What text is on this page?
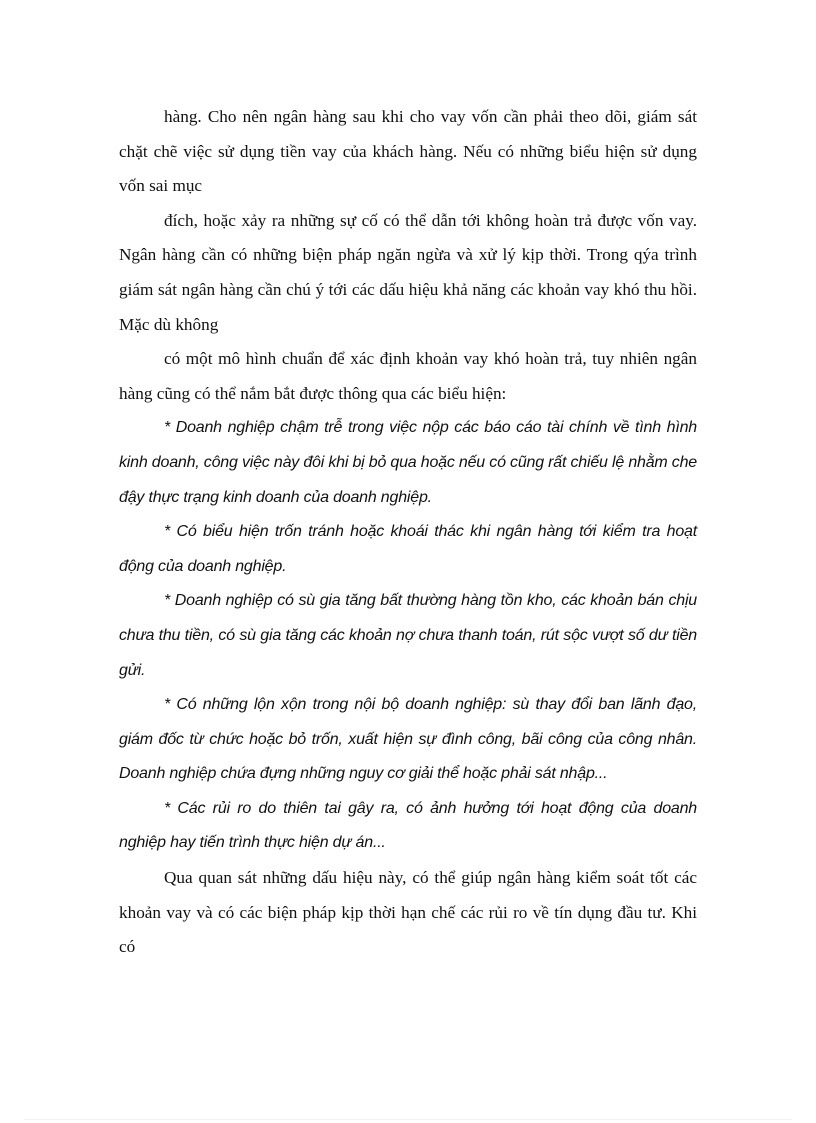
hàng. Cho nên ngân hàng sau khi cho vay vốn cần phải theo dõi, giám sát chặt chẽ việc sử dụng tiền vay của khách hàng. Nếu có những biểu hiện sử dụng vốn sai mục

đích, hoặc xảy ra những sự cố có thể dẫn tới không hoàn trả được vốn vay. Ngân hàng cần có những biện pháp ngăn ngừa và xử lý kịp thời. Trong qýa trình giám sát ngân hàng cần chú ý tới các dấu hiệu khả năng các khoản vay khó thu hồi. Mặc dù không

có một mô hình chuẩn để xác định khoản vay khó hoàn trả, tuy nhiên ngân hàng cũng có thể nắm bắt được thông qua các biểu hiện:

* Doanh nghiệp chậm trễ trong việc nộp các báo cáo tài chính về tình hình kinh doanh, công việc này đôi khi bị bỏ qua hoặc nếu có cũng rất chiếu lệ nhằm che đậy thực trạng kinh doanh của doanh nghiệp.

* Có biểu hiện trốn tránh hoặc khoái thác khi ngân hàng tới kiểm tra hoạt động của doanh nghiệp.

* Doanh nghiệp có sù gia tăng bất thường hàng tồn kho, các khoản bán chịu chưa thu tiền, có sù gia tăng các khoản nợ chưa thanh toán, rút sộc vượt số dư tiền gửi.

* Có những lộn xộn trong nội bộ doanh nghiệp: sù thay đổi ban lãnh đạo, giám đốc từ chức hoặc bỏ trốn, xuất hiện sự đình công, bãi công của công nhân. Doanh nghiệp chứa đựng những nguy cơ giải thể hoặc phải sát nhập...

* Các rủi ro do thiên tai gây ra, có ảnh hưởng tới hoạt động của doanh nghiệp hay tiến trình thực hiện dự án...

Qua quan sát những dấu hiệu này, có thể giúp ngân hàng kiểm soát tốt các khoản vay và có các biện pháp kịp thời hạn chế các rủi ro về tín dụng đầu tư. Khi có
